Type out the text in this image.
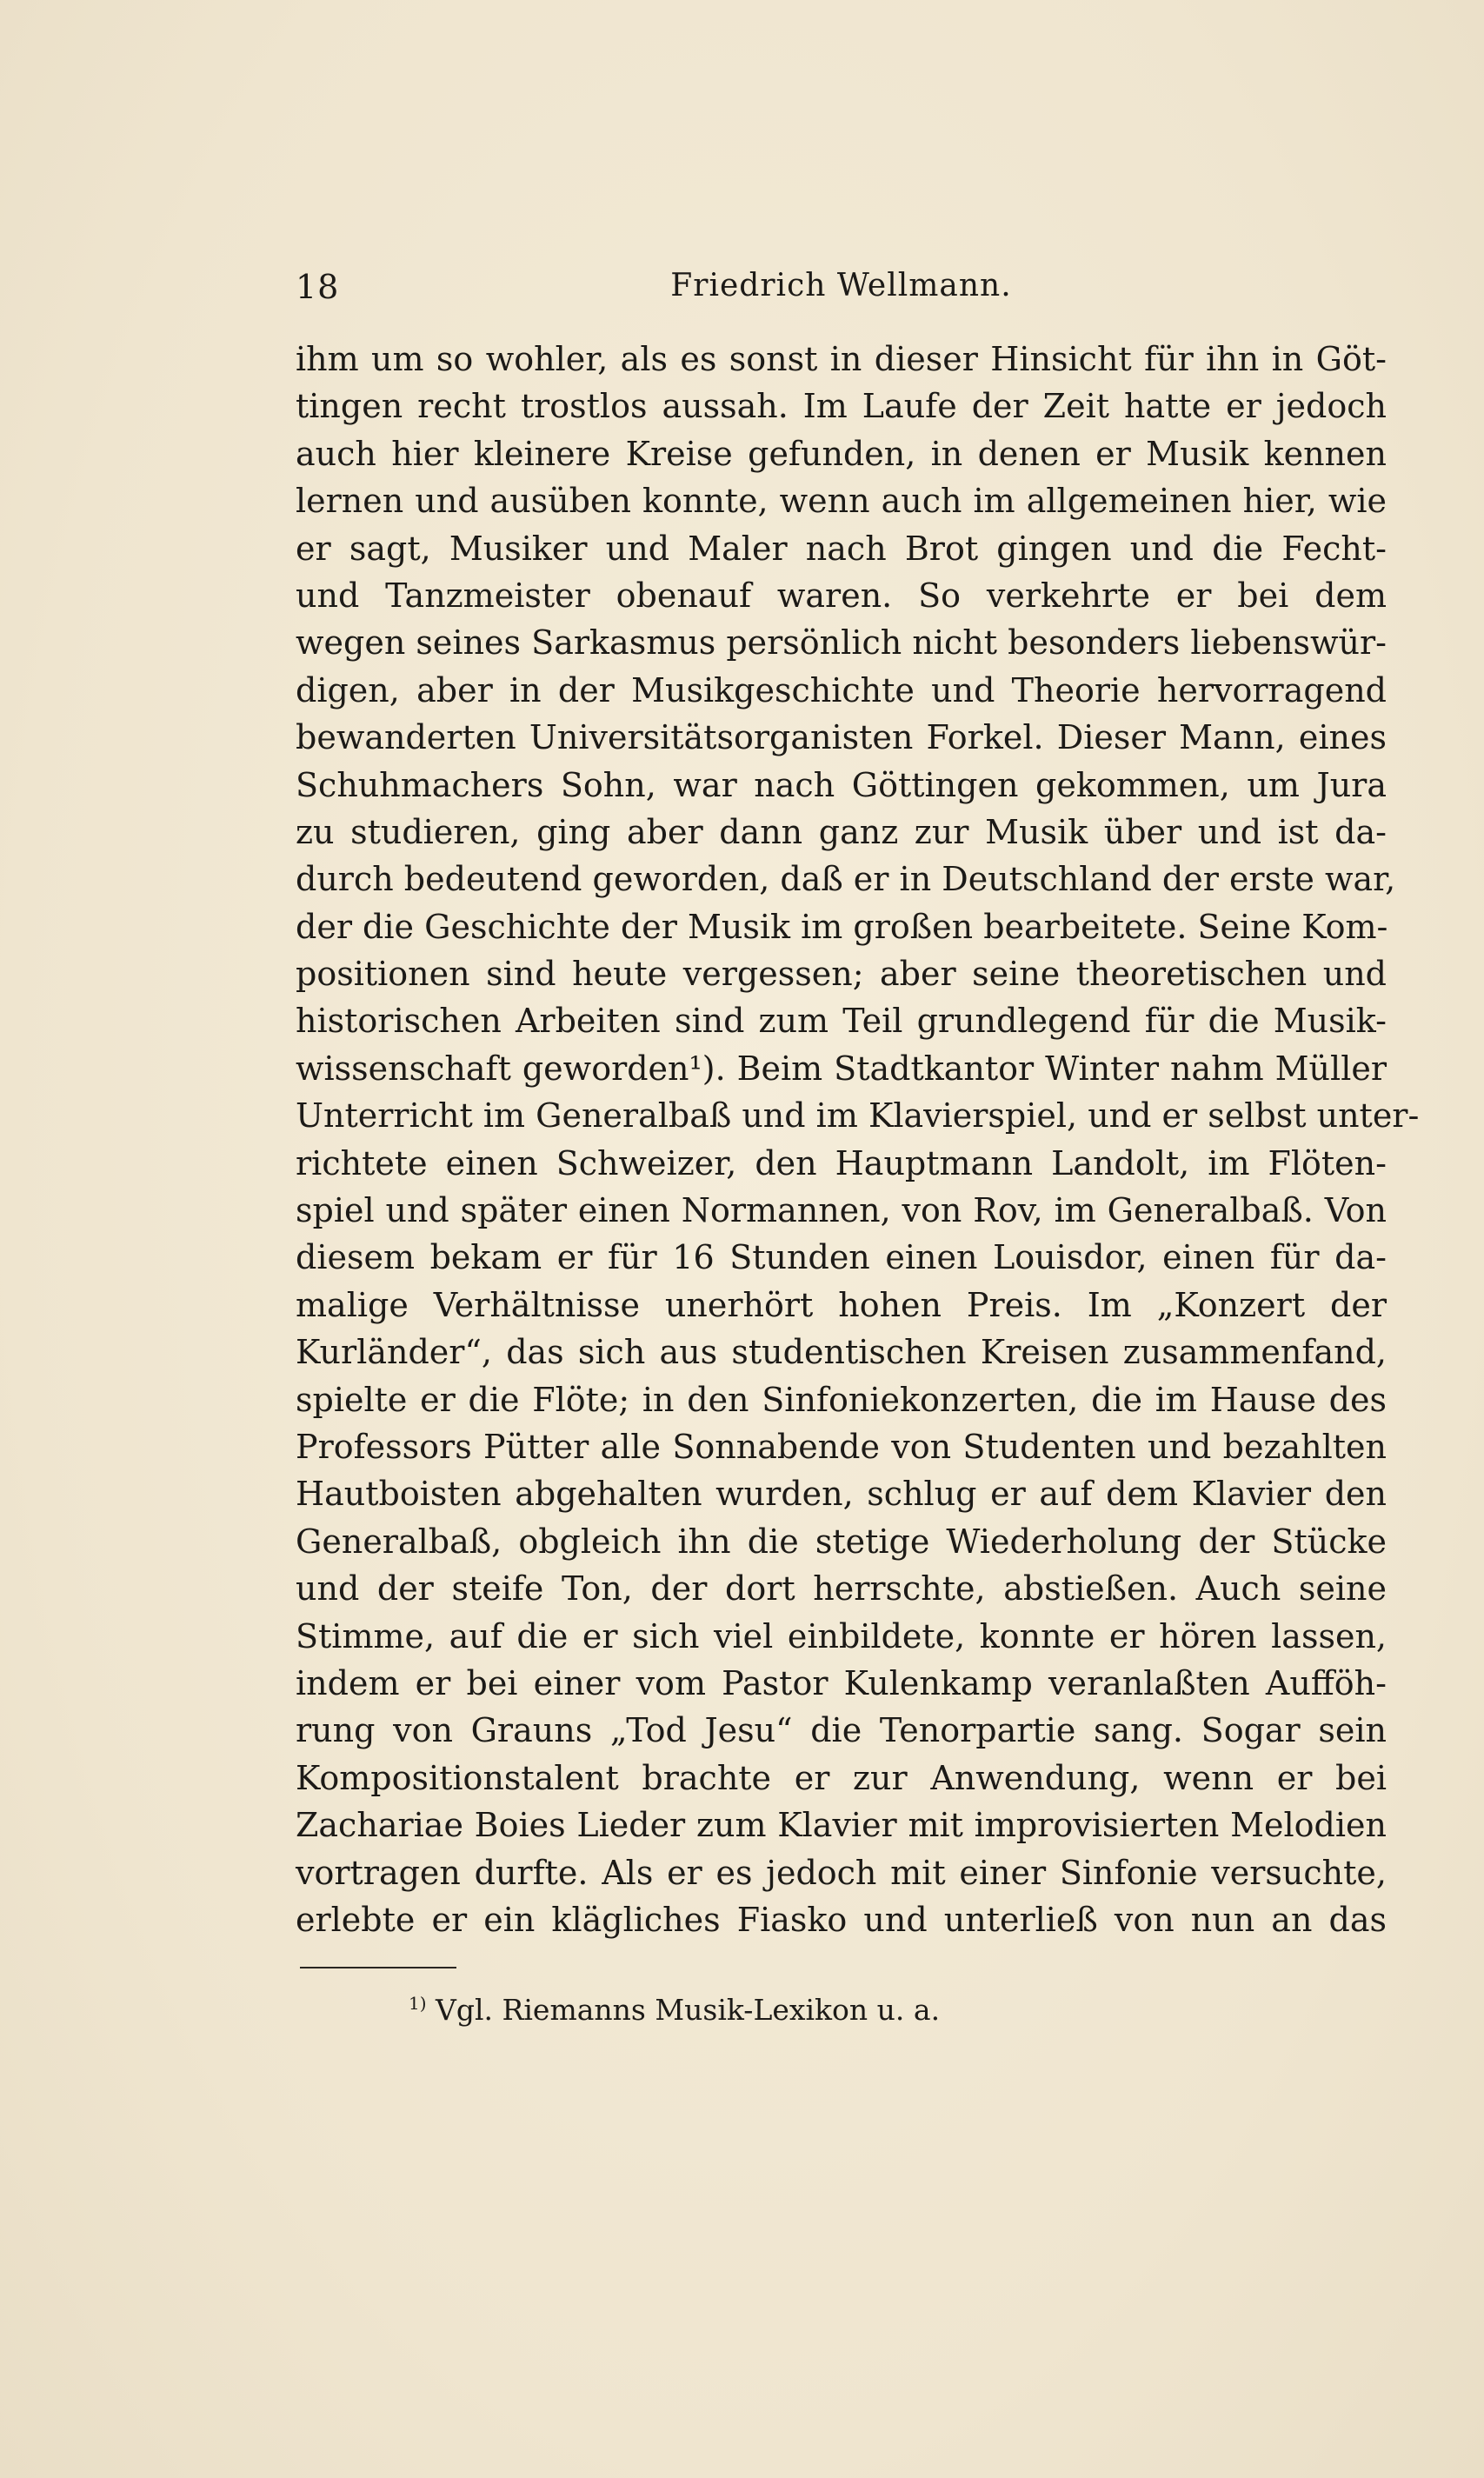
18	Friedrich Wellmann.
ihm um so wohler, als es sonst in dieser Hinsicht für ihn in Göt-
tingen recht trostlos aussah. Im Laufe der Zeit hatte er jedoch
auch hier kleinere Kreise gefunden, in denen er Musik kennen
lernen und ausüben konnte, wenn auch im allgemeinen hier, wie
er sagt, Musiker und Maler nach Brot gingen und die Fecht-
und Tanzmeister obenauf waren. So verkehrte er bei dem
wegen seines Sarkasmus persönlich nicht besonders liebenswür-
digen, aber in der Musikgeschichte und Theorie hervorragend
bewanderten Universitätsorganisten Forkel. Dieser Mann, eines
Schuhmachers Sohn, war nach Göttingen gekommen, um Jura
zu studieren, ging aber dann ganz zur Musik über und ist da-
durch bedeutend geworden, daß er in Deutschland der erste war,
der die Geschichte der Musik im großen bearbeitete. Seine Kom-
positionen sind heute vergessen; aber seine theoretischen und
historischen Arbeiten sind zum Teil grundlegend für die Musik-
wissenschaft geworden¹). Beim Stadtkantor Winter nahm Müller
Unterricht im Generalbaß und im Klavierspiel, und er selbst unter-
richtete einen Schweizer, den Hauptmann Landolt, im Flöten-
spiel und später einen Normannen, von Rov, im Generalbaß. Von
diesem bekam er für 16 Stunden einen Louisdor, einen für da-
malige Verhältnisse unerhört hohen Preis. Im „Konzert der
Kurländer“, das sich aus studentischen Kreisen zusammenfand,
spielte er die Flöte; in den Sinfoniekonzerten, die im Hause des
Professors Pütter alle Sonnabende von Studenten und bezahlten
Hautboisten abgehalten wurden, schlug er auf dem Klavier den
Generalbaß, obgleich ihn die stetige Wiederholung der Stücke
und der steife Ton, der dort herrschte, abstießen. Auch seine
Stimme, auf die er sich viel einbildete, konnte er hören lassen,
indem er bei einer vom Pastor Kulenkamp veranlaßten Aufföh-
rung von Grauns „Tod Jesu“ die Tenorpartie sang. Sogar sein
Kompositionstalent brachte er zur Anwendung, wenn er bei
Zachariae Boies Lieder zum Klavier mit improvisierten Melodien
vortragen durfte. Als er es jedoch mit einer Sinfonie versuchte,
erlebte er ein klägliches Fiasko und unterließ von nun an das
$^{1)}$ Vgl. Riemanns Musik-Lexikon u. a.
